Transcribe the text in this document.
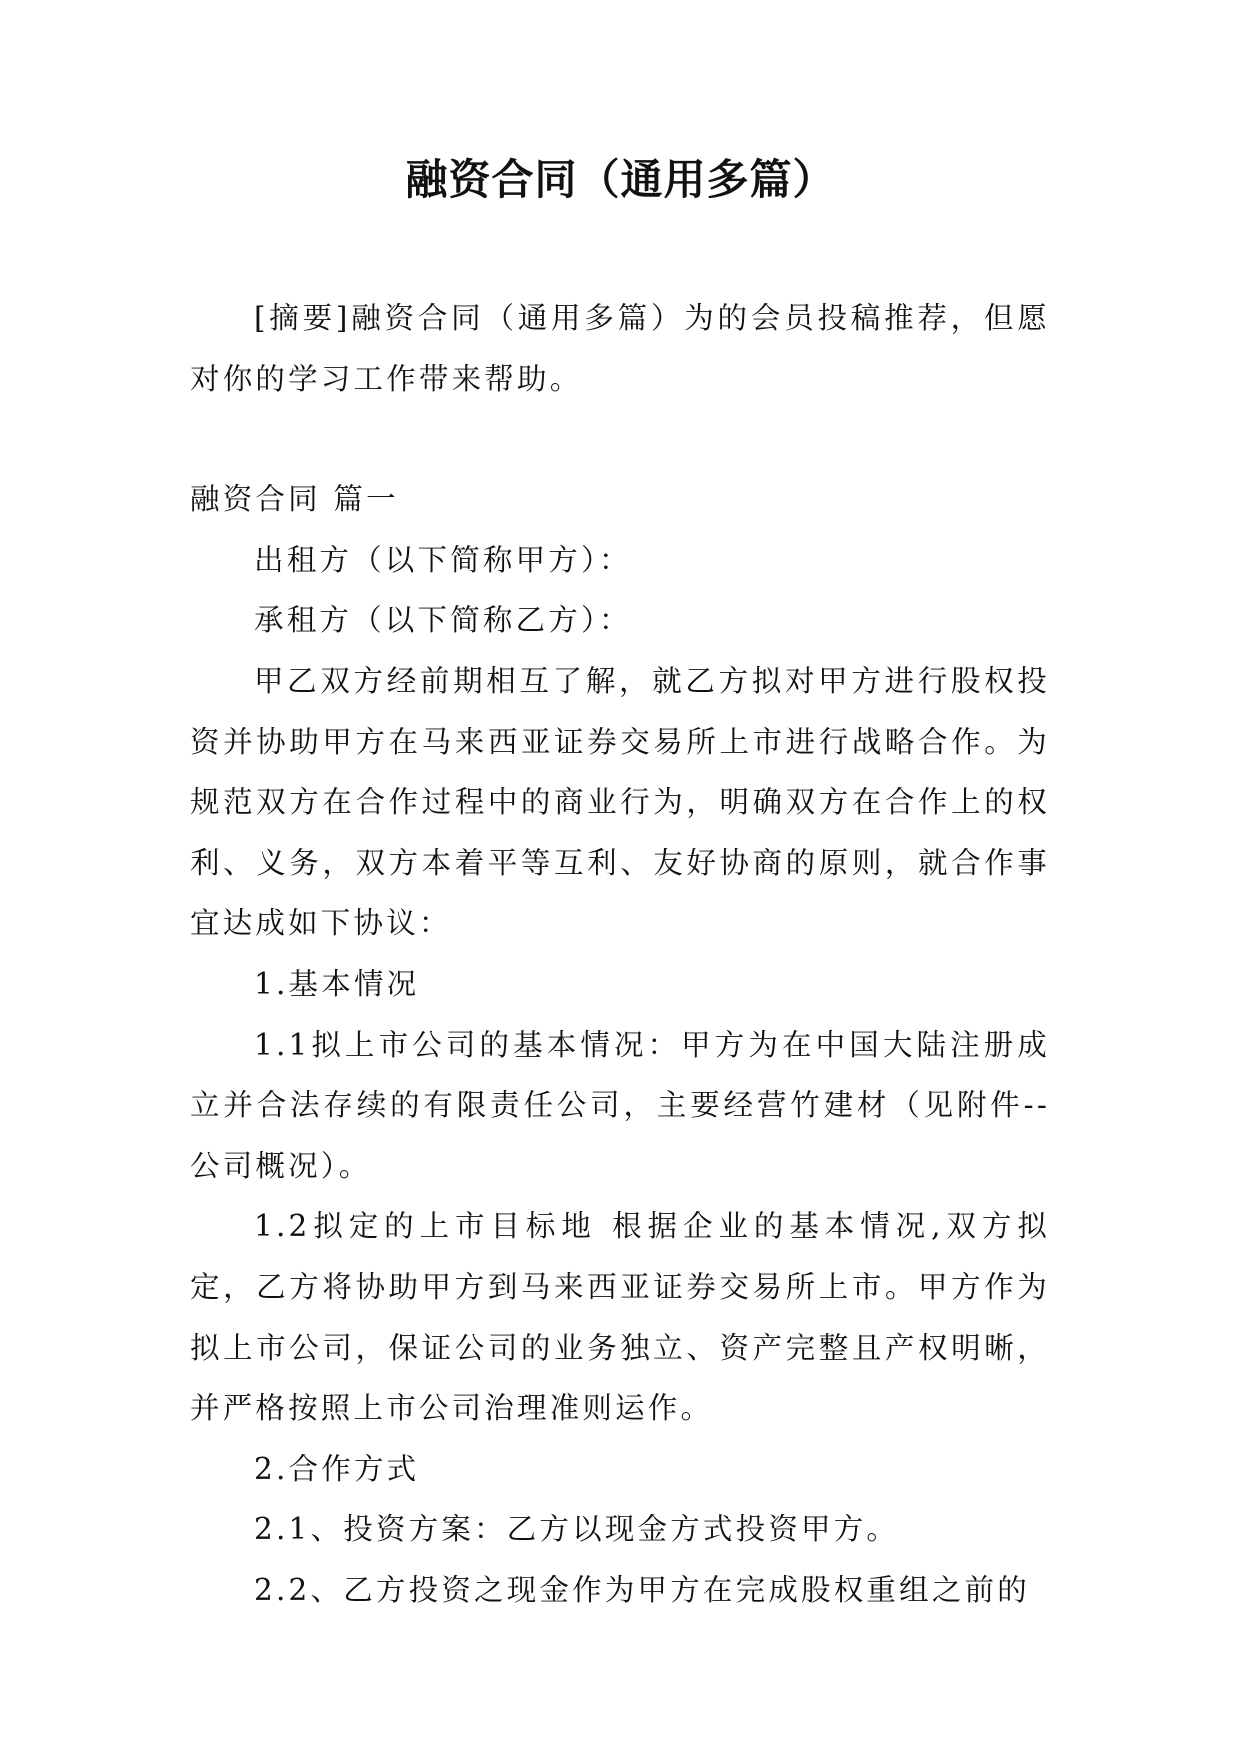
融资合同（通用多篇）

[摘要]融资合同（通用多篇）为的会员投稿推荐，但愿对你的学习工作带来帮助。

融资合同 篇一

出租方（以下简称甲方）：

承租方（以下简称乙方）：

甲乙双方经前期相互了解，就乙方拟对甲方进行股权投资并协助甲方在马来西亚证券交易所上市进行战略合作。为规范双方在合作过程中的商业行为，明确双方在合作上的权利、义务，双方本着平等互利、友好协商的原则，就合作事宜达成如下协议：

1.基本情况

1.1拟上市公司的基本情况：甲方为在中国大陆注册成立并合法存续的有限责任公司，主要经营竹建材（见附件--公司概况）。

1.2拟定的上市目标地 根据企业的基本情况,双方拟定，乙方将协助甲方到马来西亚证券交易所上市。甲方作为拟上市公司，保证公司的业务独立、资产完整且产权明晰，并严格按照上市公司治理准则运作。

2.合作方式

2.1、投资方案：乙方以现金方式投资甲方。

2.2、乙方投资之现金作为甲方在完成股权重组之前的
